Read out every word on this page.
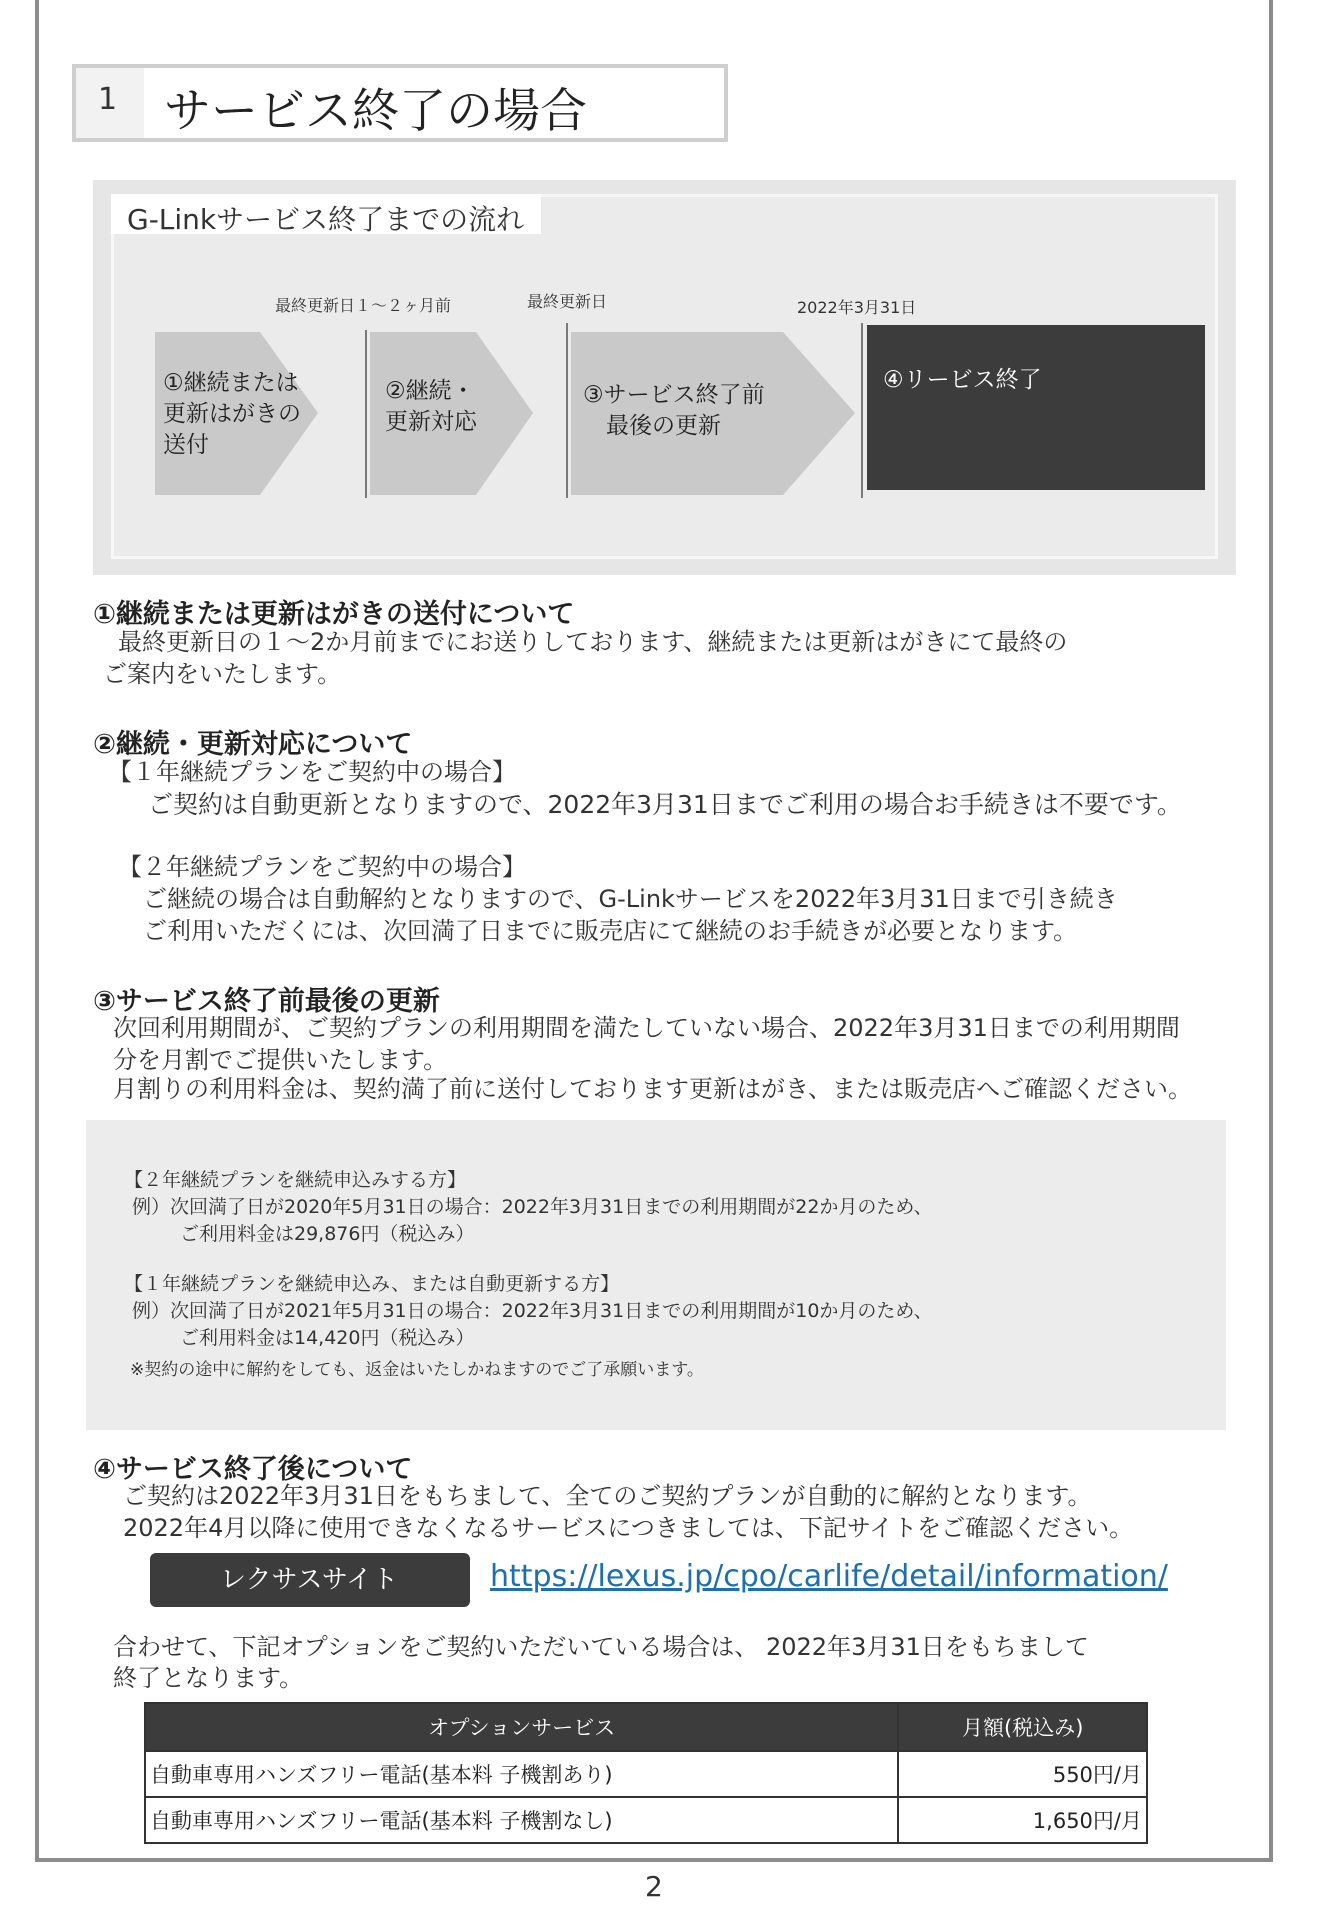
1 サービス終了の場合
G-Linkサービス終了までの流れ
最終更新日１～２ヶ月前	最終更新日	2022年3月31日
①継続または
更新はがきの
送付
②継続・
更新対応
③サービス終了前
　最後の更新
④リービス終了
①継続または更新はがきの送付について
最終更新日の１～2か月前までにお送りしております、継続または更新はがきにて最終の
ご案内をいたします。
②継続・更新対応について
【１年継続プランをご契約中の場合】
ご契約は自動更新となりますので、2022年3月31日までご利用の場合お手続きは不要です。
【２年継続プランをご契約中の場合】
ご継続の場合は自動解約となりますので、G-Linkサービスを2022年3月31日まで引き続き
ご利用いただくには、次回満了日までに販売店にて継続のお手続きが必要となります。
③サービス終了前最後の更新
次回利用期間が、ご契約プランの利用期間を満たしていない場合、2022年3月31日までの利用期間
分を月割でご提供いたします。
月割りの利用料金は、契約満了前に送付しております更新はがき、または販売店へご確認ください。
【２年継続プランを継続申込みする方】
例）次回満了日が2020年5月31日の場合：2022年3月31日までの利用期間が22か月のため、
ご利用料金は29,876円（税込み）
【１年継続プランを継続申込み、または自動更新する方】
例）次回満了日が2021年5月31日の場合：2022年3月31日までの利用期間が10か月のため、
ご利用料金は14,420円（税込み）
※契約の途中に解約をしても、返金はいたしかねますのでご了承願います。
④サービス終了後について
ご契約は2022年3月31日をもちまして、全てのご契約プランが自動的に解約となります。
2022年4月以降に使用できなくなるサービスにつきましては、下記サイトをご確認ください。
レクサスサイト	https://lexus.jp/cpo/carlife/detail/information/
合わせて、下記オプションをご契約いただいている場合は、 2022年3月31日をもちまして
終了となります。
オプションサービス	月額(税込み)
自動車専用ハンズフリー電話(基本料 子機割あり)	550円/月
自動車専用ハンズフリー電話(基本料 子機割なし)	1,650円/月
2
